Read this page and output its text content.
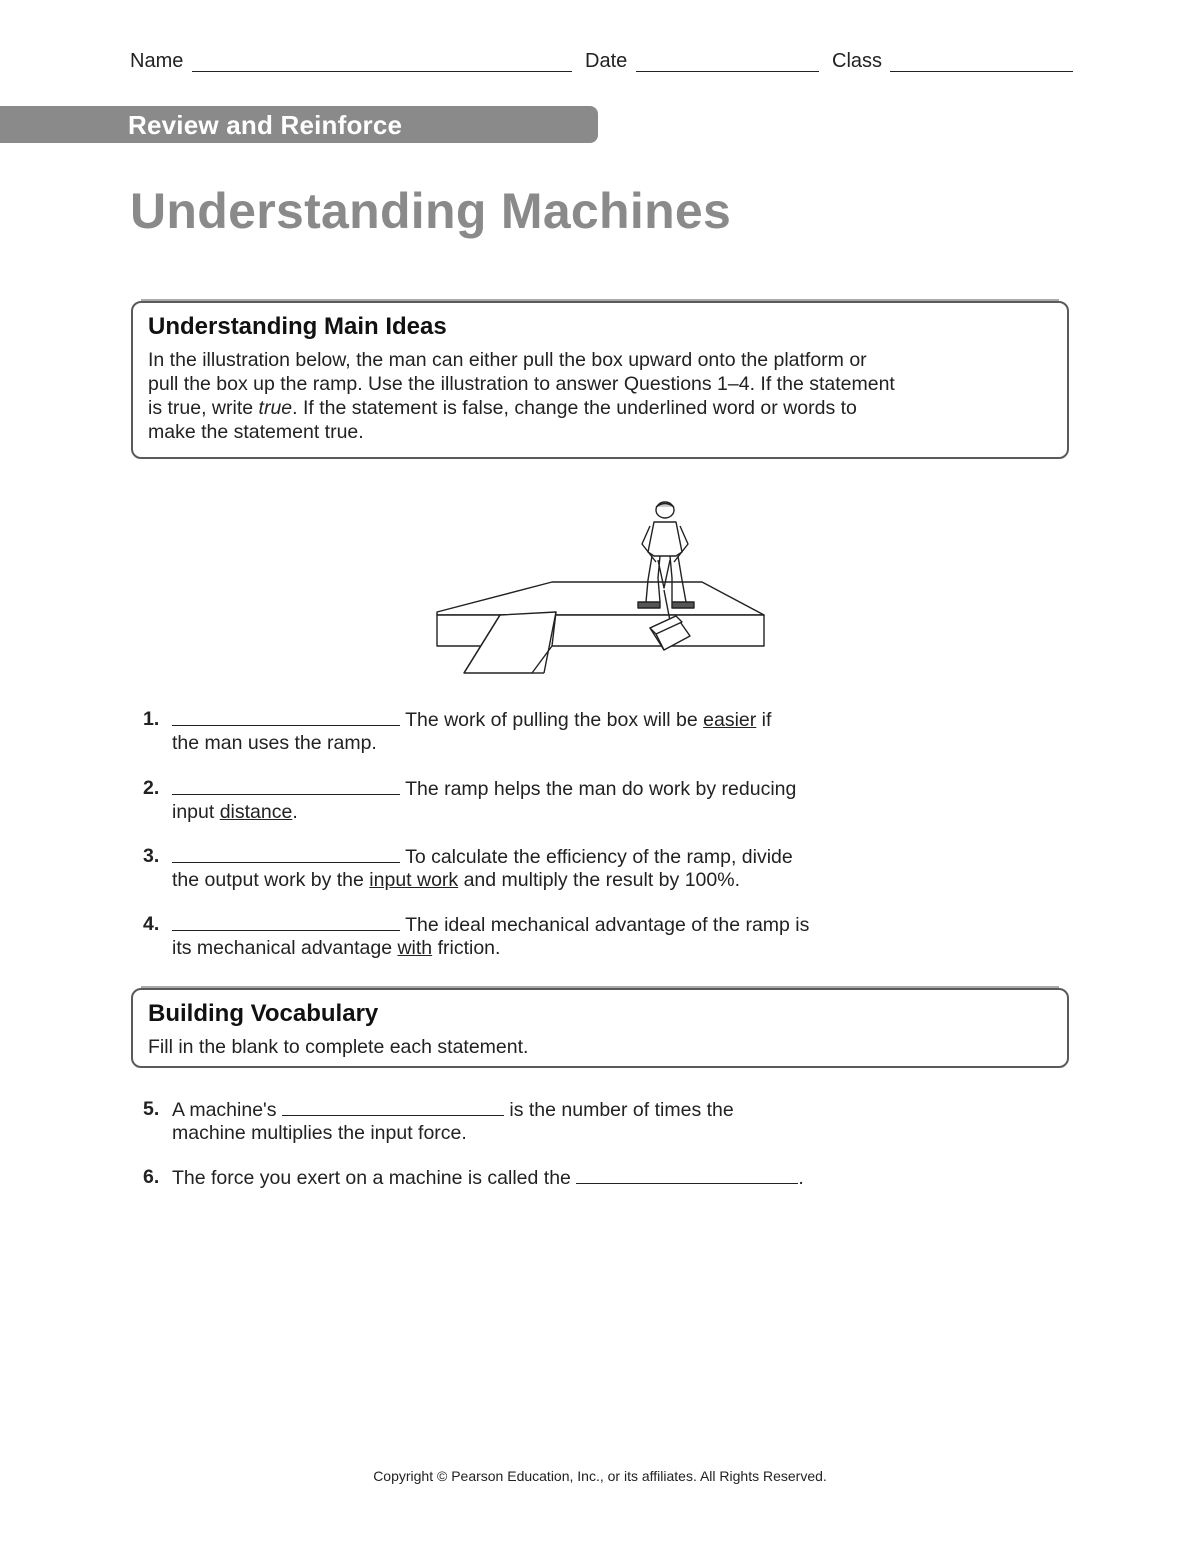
Name	Date	Class
Review and Reinforce
Understanding Machines
Understanding Main Ideas
In the illustration below, the man can either pull the box upward onto the platform or
pull the box up the ramp. Use the illustration to answer Questions 1–4. If the statement
is true, write true. If the statement is false, change the underlined word or words to
make the statement true.
1.	The work of pulling the box will be easier if
the man uses the ramp.
2.	The ramp helps the man do work by reducing
input distance.
3.	To calculate the efficiency of the ramp, divide
the output work by the input work and multiply the result by 100%.
4.	The ideal mechanical advantage of the ramp is
its mechanical advantage with friction.
Building Vocabulary
Fill in the blank to complete each statement.
5. A machine's	is the number of times the
machine multiplies the input force.
6. The force you exert on a machine is called the	.
Copyright © Pearson Education, Inc., or its affiliates. All Rights Reserved.
